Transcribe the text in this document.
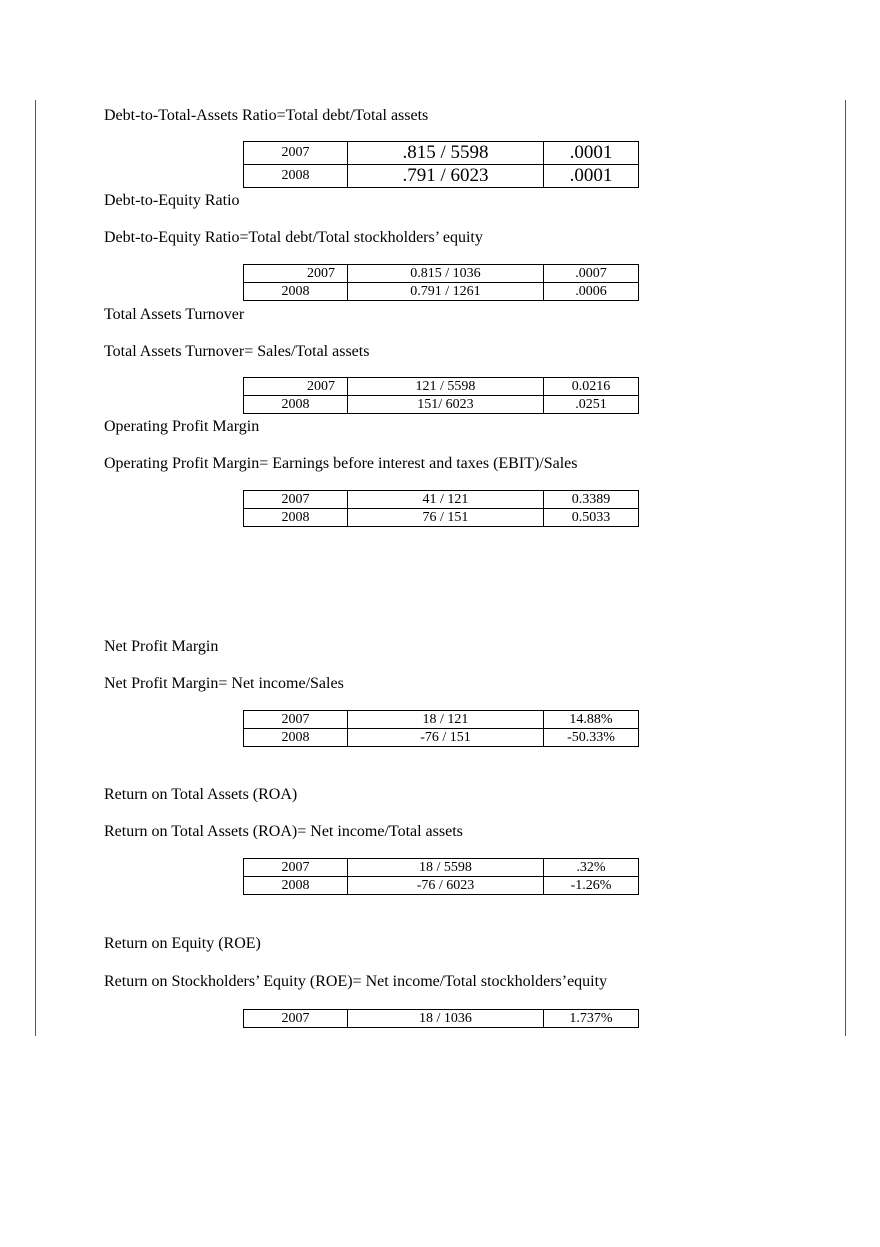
Debt-to-Total-Assets Ratio=Total debt/Total assets
2007	.815 / 5598	.0001
2008	.791 / 6023	.0001
Debt-to-Equity Ratio
Debt-to-Equity Ratio=Total debt/Total stockholders’ equity
2007	0.815 / 1036	.0007
2008	0.791 / 1261	.0006
Total Assets Turnover
Total Assets Turnover= Sales/Total assets
2007	121 / 5598	0.0216
2008	151/ 6023	.0251
Operating Profit Margin
Operating Profit Margin= Earnings before interest and taxes (EBIT)/Sales
2007	41 / 121	0.3389
2008	76 / 151	0.5033
Net Profit Margin
Net Profit Margin= Net income/Sales
2007	18 / 121	14.88%
2008	-76 / 151	-50.33%
Return on Total Assets (ROA)
Return on Total Assets (ROA)= Net income/Total assets
2007	18 / 5598	.32%
2008	-76 / 6023	-1.26%
Return on Equity (ROE)
Return on Stockholders’ Equity (ROE)= Net income/Total stockholders’equity
2007	18 / 1036	1.737%
